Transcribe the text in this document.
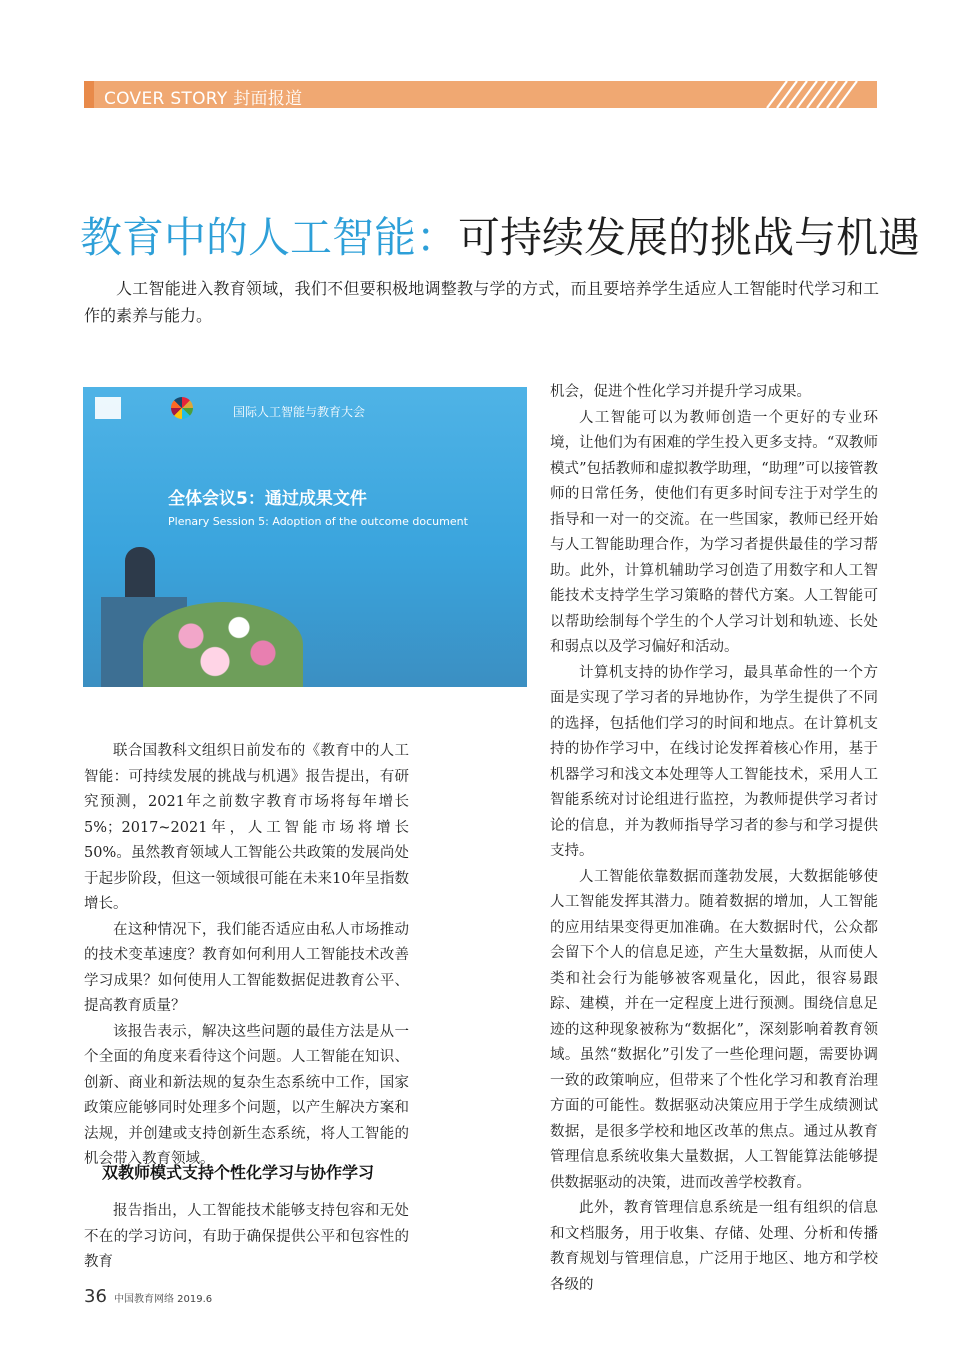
COVER STORY 封面报道
教育中的人工智能：可持续发展的挑战与机遇
人工智能进入教育领域，我们不但要积极地调整教与学的方式，而且要培养学生适应人工智能时代学习和工作的素养与能力。
国际人工智能与教育大会
全体会议5：通过成果文件
Plenary Session 5: Adoption of the outcome document

联合国教科文组织日前发布的《教育中的人工智能：可持续发展的挑战与机遇》报告提出，有研究预测，2021年之前数字教育市场将每年增长5%；2017~2021年，人工智能市场将增长50%。虽然教育领域人工智能公共政策的发展尚处于起步阶段，但这一领域很可能在未来10年呈指数增长。

在这种情况下，我们能否适应由私人市场推动的技术变革速度？教育如何利用人工智能技术改善学习成果？如何使用人工智能数据促进教育公平、提高教育质量？

该报告表示，解决这些问题的最佳方法是从一个全面的角度来看待这个问题。人工智能在知识、创新、商业和新法规的复杂生态系统中工作，国家政策应能够同时处理多个问题，以产生解决方案和法规，并创建或支持创新生态系统，将人工智能的机会带入教育领域。

双教师模式支持个性化学习与协作学习

报告指出，人工智能技术能够支持包容和无处不在的学习访问，有助于确保提供公平和包容性的教育

机会，促进个性化学习并提升学习成果。

人工智能可以为教师创造一个更好的专业环境，让他们为有困难的学生投入更多支持。“双教师模式”包括教师和虚拟教学助理，“助理”可以接管教师的日常任务，使他们有更多时间专注于对学生的指导和一对一的交流。在一些国家，教师已经开始与人工智能助理合作，为学习者提供最佳的学习帮助。此外，计算机辅助学习创造了用数字和人工智能技术支持学生学习策略的替代方案。人工智能可以帮助绘制每个学生的个人学习计划和轨迹、长处和弱点以及学习偏好和活动。

计算机支持的协作学习，最具革命性的一个方面是实现了学习者的异地协作，为学生提供了不同的选择，包括他们学习的时间和地点。在计算机支持的协作学习中，在线讨论发挥着核心作用，基于机器学习和浅文本处理等人工智能技术，采用人工智能系统对讨论组进行监控，为教师提供学习者讨论的信息，并为教师指导学习者的参与和学习提供支持。

人工智能依靠数据而蓬勃发展，大数据能够使人工智能发挥其潜力。随着数据的增加，人工智能的应用结果变得更加准确。在大数据时代，公众都会留下个人的信息足迹，产生大量数据，从而使人类和社会行为能够被客观量化，因此，很容易跟踪、建模，并在一定程度上进行预测。围绕信息足迹的这种现象被称为“数据化”，深刻影响着教育领域。虽然“数据化”引发了一些伦理问题，需要协调一致的政策响应，但带来了个性化学习和教育治理方面的可能性。数据驱动决策应用于学生成绩测试数据，是很多学校和地区改革的焦点。通过从教育管理信息系统收集大量数据，人工智能算法能够提供数据驱动的决策，进而改善学校教育。

此外，教育管理信息系统是一组有组织的信息和文档服务，用于收集、存储、处理、分析和传播教育规划与管理信息，广泛用于地区、地方和学校各级的

36 中国教育网络 2019.6
